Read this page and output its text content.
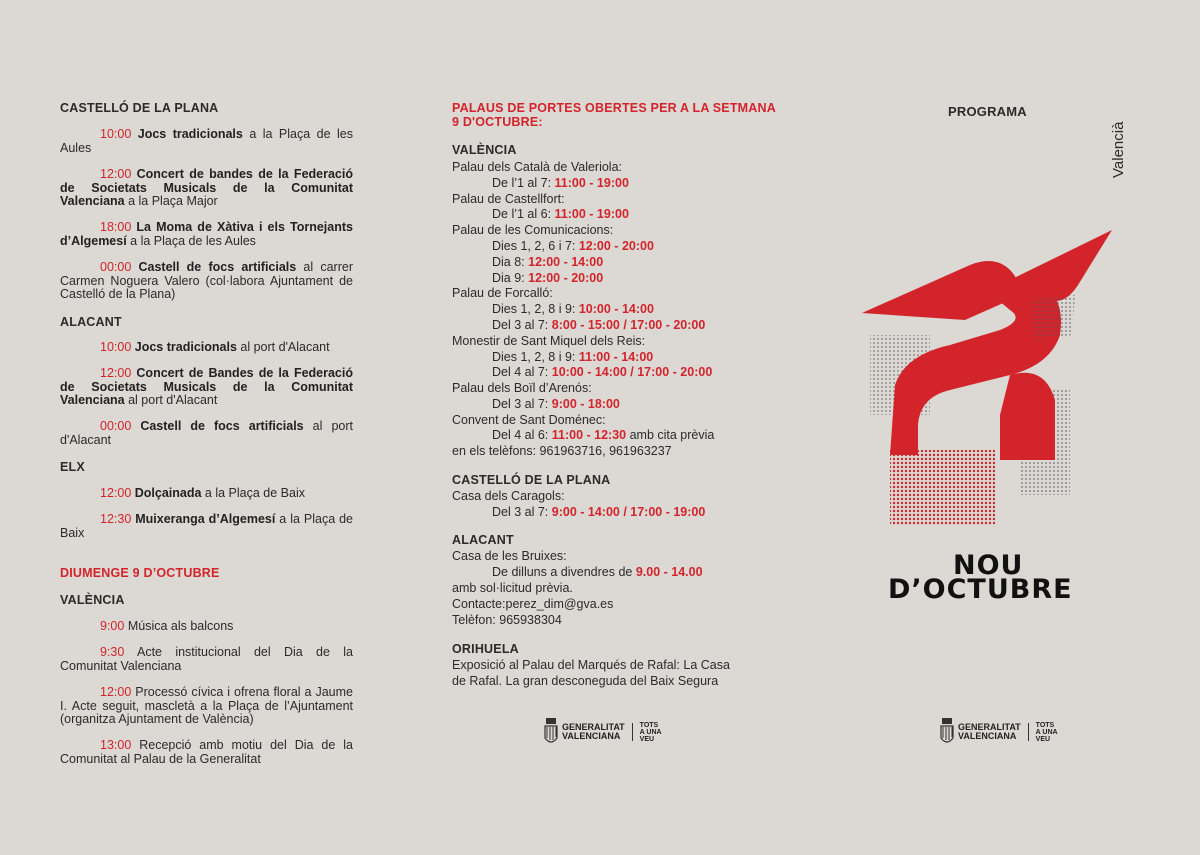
CASTELLÓ DE LA PLANA
10:00 Jocs tradicionals a la Plaça de les Aules
12:00 Concert de bandes de la Federació de Societats Musicals de la Comunitat Valenciana a la Plaça Major
18:00 La Moma de Xàtiva i els Tornejants d’Algemesí a la Plaça de les Aules
00:00 Castell de focs artificials al carrer Carmen Noguera Valero (col·labora Ajuntament de Castelló de la Plana)
ALACANT
10:00 Jocs tradicionals al port d'Alacant
12:00 Concert de Bandes de la Federació de Societats Musicals de la Comunitat Valenciana al port d'Alacant
00:00 Castell de focs artificials al port d'Alacant
ELX
12:00 Dolçainada a la Plaça de Baix
12:30 Muixeranga d’Algemesí a la Plaça de Baix
DIUMENGE 9 D’OCTUBRE
VALÈNCIA
9:00 Música als balcons
9:30 Acte institucional del Dia de la Comunitat Valenciana
12:00 Processó cívica i ofrena floral a Jaume I. Acte seguit, mascletà a la Plaça de l’Ajuntament (organitza Ajuntament de València)
13:00 Recepció amb motiu del Dia de la Comunitat al Palau de la Generalitat
PALAUS DE PORTES OBERTES PER A LA SETMANA
9 D'OCTUBRE:
VALÈNCIA
Palau dels Català de Valeriola:
De l’1 al 7: 11:00 - 19:00
Palau de Castellfort:
De l’1 al 6: 11:00 - 19:00
Palau de les Comunicacions:
Dies 1, 2, 6 i 7: 12:00 - 20:00
Dia 8: 12:00 - 14:00
Dia 9: 12:00 - 20:00
Palau de Forcalló:
Dies 1, 2, 8 i 9: 10:00 - 14:00
Del 3 al 7: 8:00 - 15:00 / 17:00 - 20:00
Monestir de Sant Miquel dels Reis:
Dies 1, 2, 8 i 9: 11:00 - 14:00
Del 4 al 7: 10:00 - 14:00 / 17:00 - 20:00
Palau dels Boïl d’Arenós:
Del 3 al 7: 9:00 - 18:00
Convent de Sant Doménec:
Del 4 al 6: 11:00 - 12:30 amb cita prèvia
en els telèfons: 961963716, 961963237
CASTELLÓ DE LA PLANA
Casa dels Caragols:
Del 3 al 7: 9:00 - 14:00 / 17:00 - 19:00
ALACANT
Casa de les Bruixes:
De dilluns a divendres de 9.00 - 14.00
amb sol·licitud prèvia.
Contacte:perez_dim@gva.es
Telèfon: 965938304
ORIHUELA
Exposició al Palau del Marqués de Rafal: La Casa
de Rafal. La gran desconeguda del Baix Segura
GENERALITAT
VALENCIANA
TOTS
A UNA
VEU
PROGRAMA
Valencià
NOU
D’OCTUBRE
GENERALITAT
VALENCIANA
TOTS
A UNA
VEU
